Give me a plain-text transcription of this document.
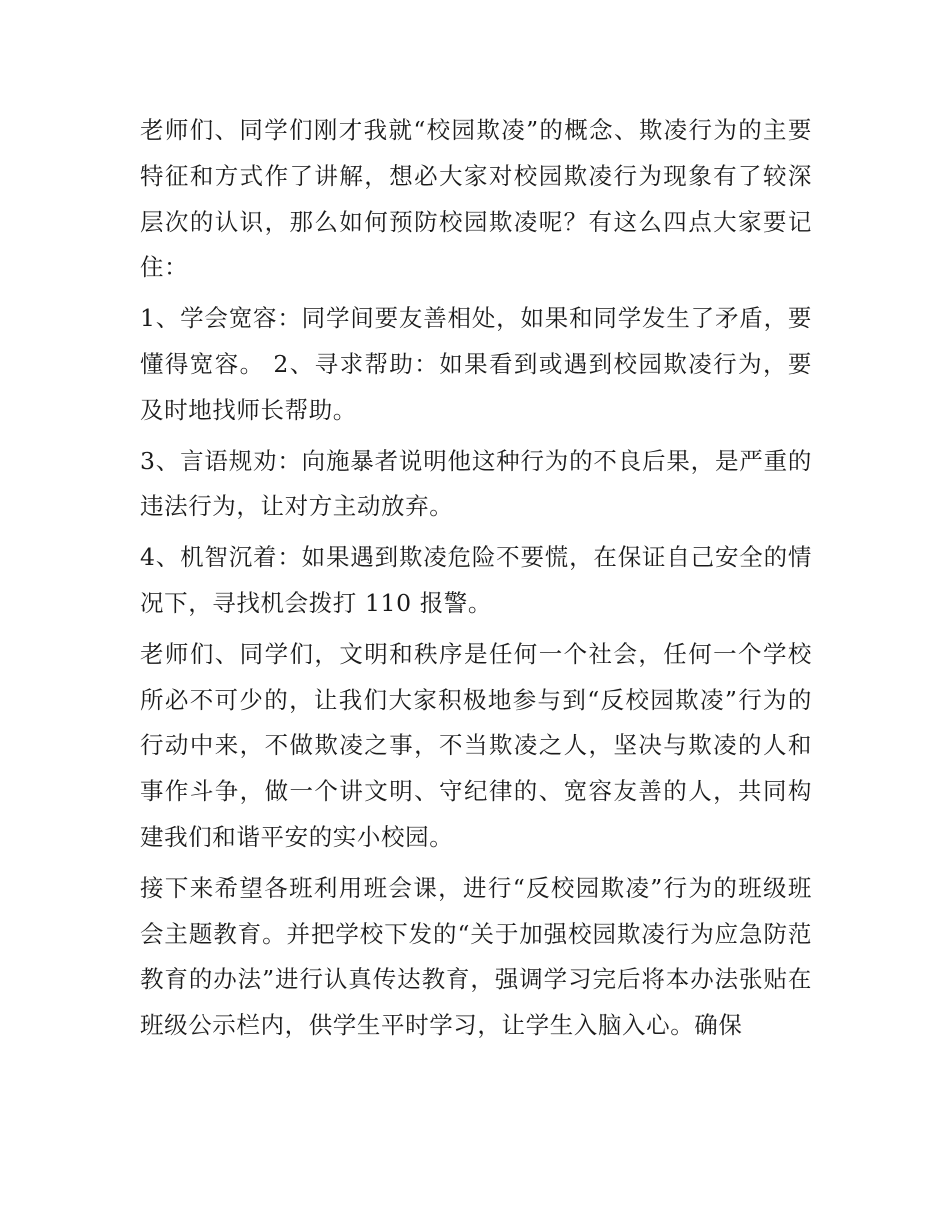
老师们、同学们刚才我就“校园欺凌”的概念、欺凌行为的主要特征和方式作了讲解，想必大家对校园欺凌行为现象有了较深层次的认识，那么如何预防校园欺凌呢？有这么四点大家要记住：

1、学会宽容：同学间要友善相处，如果和同学发生了矛盾，要懂得宽容。 2、寻求帮助：如果看到或遇到校园欺凌行为，要及时地找师长帮助。

3、言语规劝：向施暴者说明他这种行为的不良后果，是严重的违法行为，让对方主动放弃。

4、机智沉着：如果遇到欺凌危险不要慌，在保证自己安全的情况下，寻找机会拨打 110 报警。

老师们、同学们，文明和秩序是任何一个社会，任何一个学校所必不可少的，让我们大家积极地参与到“反校园欺凌”行为的行动中来，不做欺凌之事，不当欺凌之人，坚决与欺凌的人和事作斗争，做一个讲文明、守纪律的、宽容友善的人，共同构建我们和谐平安的实小校园。

接下来希望各班利用班会课，进行“反校园欺凌”行为的班级班会主题教育。并把学校下发的“关于加强校园欺凌行为应急防范教育的办法”进行认真传达教育，强调学习完后将本办法张贴在班级公示栏内，供学生平时学习，让学生入脑入心。确保
